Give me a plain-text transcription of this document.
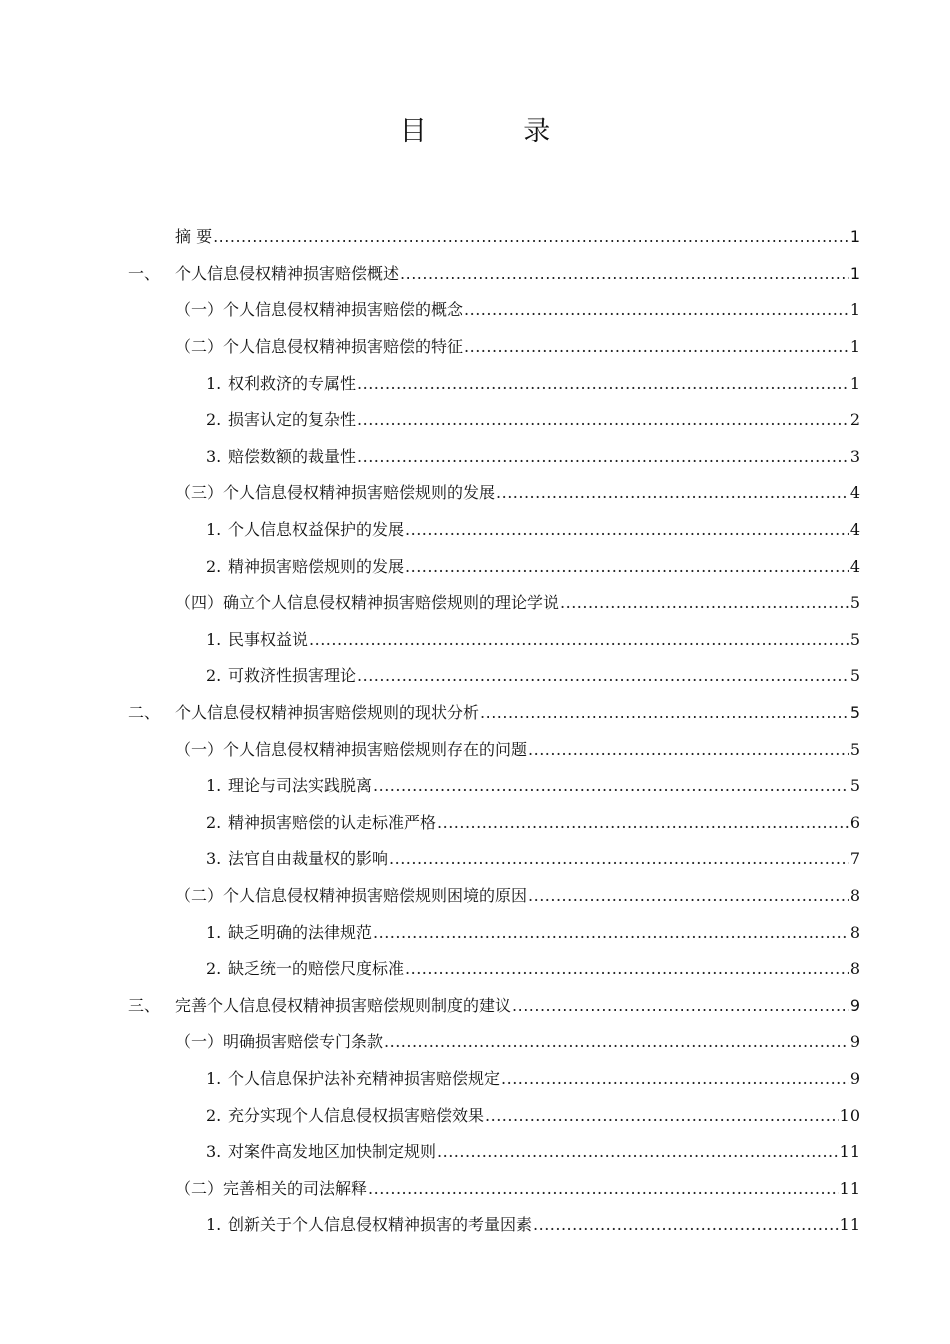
目 录
摘 要 .....	1
一、 个人信息侵权精神损害赔偿概述 .....	1
（一）个人信息侵权精神损害赔偿的概念 .....	1
（二）个人信息侵权精神损害赔偿的特征 .....	1
1. 权利救济的专属性 .....	1
2. 损害认定的复杂性 .....	2
3. 赔偿数额的裁量性 .....	3
（三）个人信息侵权精神损害赔偿规则的发展 .....	4
1. 个人信息权益保护的发展 .....	4
2. 精神损害赔偿规则的发展 .....	4
（四）确立个人信息侵权精神损害赔偿规则的理论学说 .....	5
1. 民事权益说 .....	5
2. 可救济性损害理论 .....	5
二、 个人信息侵权精神损害赔偿规则的现状分析 .....	5
（一）个人信息侵权精神损害赔偿规则存在的问题 .....	5
1. 理论与司法实践脱离 .....	5
2. 精神损害赔偿的认走标准严格 .....	6
3. 法官自由裁量权的影响 .....	7
（二）个人信息侵权精神损害赔偿规则困境的原因 .....	8
1. 缺乏明确的法律规范 .....	8
2. 缺乏统一的赔偿尺度标准 .....	8
三、 完善个人信息侵权精神损害赔偿规则制度的建议 .....	9
（一）明确损害赔偿专门条款 .....	9
1. 个人信息保护法补充精神损害赔偿规定 .....	9
2. 充分实现个人信息侵权损害赔偿效果 .....	10
3. 对案件高发地区加快制定规则 .....	11
（二）完善相关的司法解释 .....	11
1. 创新关于个人信息侵权精神损害的考量因素 .....	11
